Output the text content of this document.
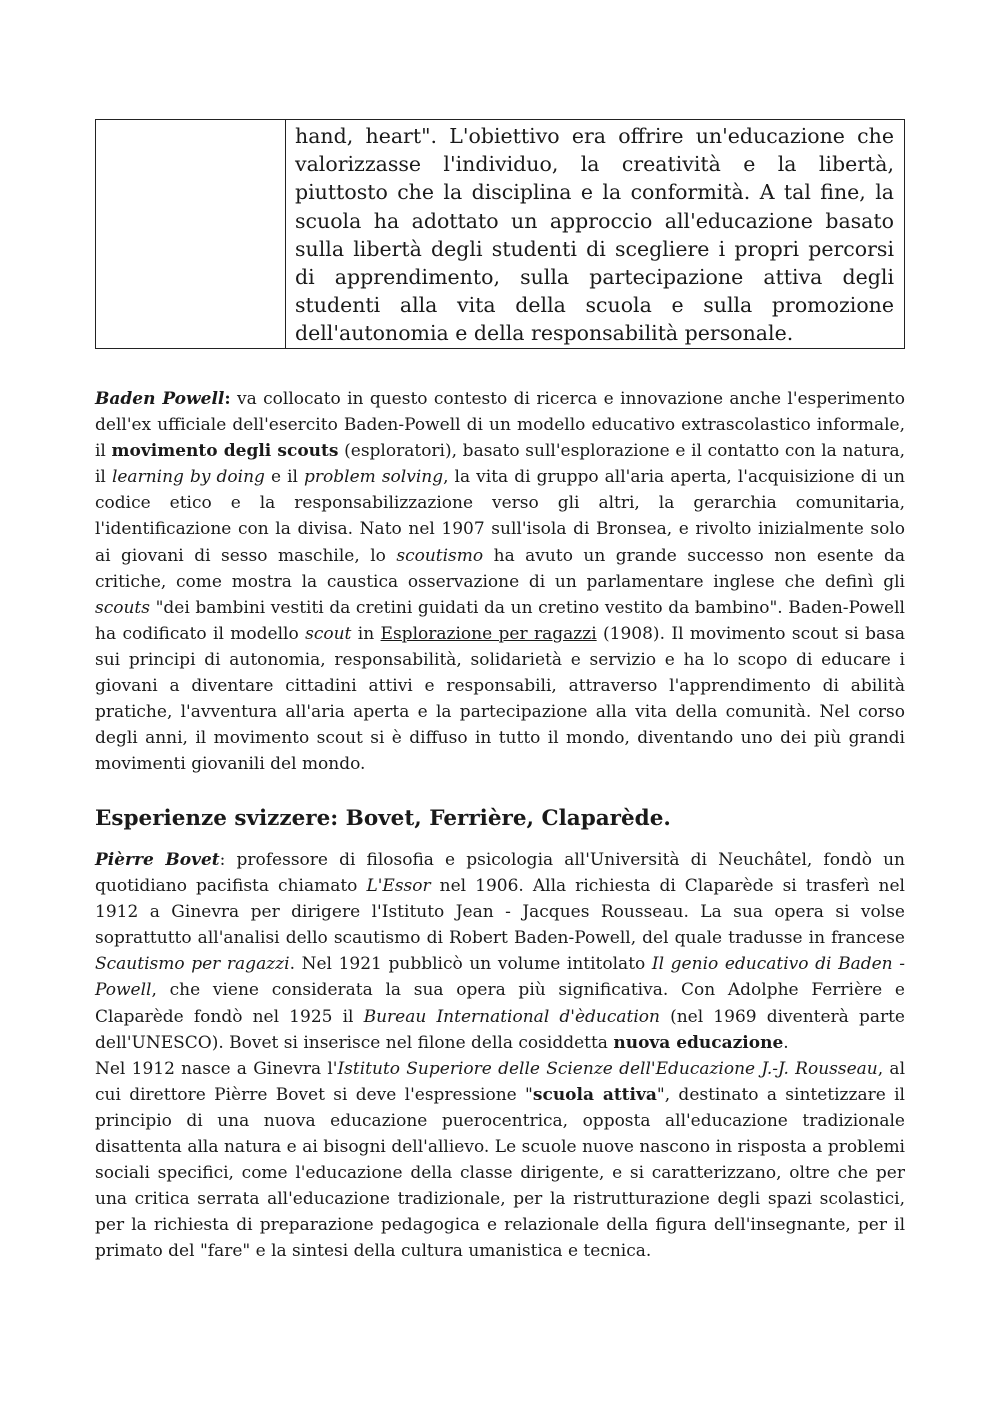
	hand, heart". L'obiettivo era offrire un'educazione che valorizzasse l'individuo, la creatività e la libertà, piuttosto che la disciplina e la conformità. A tal fine, la scuola ha adottato un approccio all'educazione basato sulla libertà degli studenti di scegliere i propri percorsi di apprendimento, sulla partecipazione attiva degli studenti alla vita della scuola e sulla promozione dell'autonomia e della responsabilità personale.

Baden Powell: va collocato in questo contesto di ricerca e innovazione anche l'esperimento dell'ex ufficiale dell'esercito Baden-Powell di un modello educativo extrascolastico informale, il movimento degli scouts (esploratori), basato sull'esplorazione e il contatto con la natura, il learning by doing e il problem solving, la vita di gruppo all'aria aperta, l'acquisizione di un codice etico e la responsabilizzazione verso gli altri, la gerarchia comunitaria, l'identificazione con la divisa. Nato nel 1907 sull'isola di Bronsea, e rivolto inizialmente solo ai giovani di sesso maschile, lo scoutismo ha avuto un grande successo non esente da critiche, come mostra la caustica osservazione di un parlamentare inglese che definì gli scouts "dei bambini vestiti da cretini guidati da un cretino vestito da bambino". Baden-Powell ha codificato il modello scout in Esplorazione per ragazzi (1908). Il movimento scout si basa sui principi di autonomia, responsabilità, solidarietà e servizio e ha lo scopo di educare i giovani a diventare cittadini attivi e responsabili, attraverso l'apprendimento di abilità pratiche, l'avventura all'aria aperta e la partecipazione alla vita della comunità. Nel corso degli anni, il movimento scout si è diffuso in tutto il mondo, diventando uno dei più grandi movimenti giovanili del mondo.

Esperienze svizzere: Bovet, Ferrière, Claparède.

Pièrre Bovet: professore di filosofia e psicologia all'Università di Neuchâtel, fondò un quotidiano pacifista chiamato L'Essor nel 1906. Alla richiesta di Claparède si trasferì nel 1912 a Ginevra per dirigere l'Istituto Jean - Jacques Rousseau. La sua opera si volse soprattutto all'analisi dello scautismo di Robert Baden-Powell, del quale tradusse in francese Scautismo per ragazzi. Nel 1921 pubblicò un volume intitolato Il genio educativo di Baden - Powell, che viene considerata la sua opera più significativa. Con Adolphe Ferrière e Claparède fondò nel 1925 il Bureau International d'èducation (nel 1969 diventerà parte dell'UNESCO). Bovet si inserisce nel filone della cosiddetta nuova educazione.

Nel 1912 nasce a Ginevra l'Istituto Superiore delle Scienze dell'Educazione J.-J. Rousseau, al cui direttore Pièrre Bovet si deve l'espressione "scuola attiva", destinato a sintetizzare il principio di una nuova educazione puerocentrica, opposta all'educazione tradizionale disattenta alla natura e ai bisogni dell'allievo. Le scuole nuove nascono in risposta a problemi sociali specifici, come l'educazione della classe dirigente, e si caratterizzano, oltre che per una critica serrata all'educazione tradizionale, per la ristrutturazione degli spazi scolastici, per la richiesta di preparazione pedagogica e relazionale della figura dell'insegnante, per il primato del "fare" e la sintesi della cultura umanistica e tecnica.
